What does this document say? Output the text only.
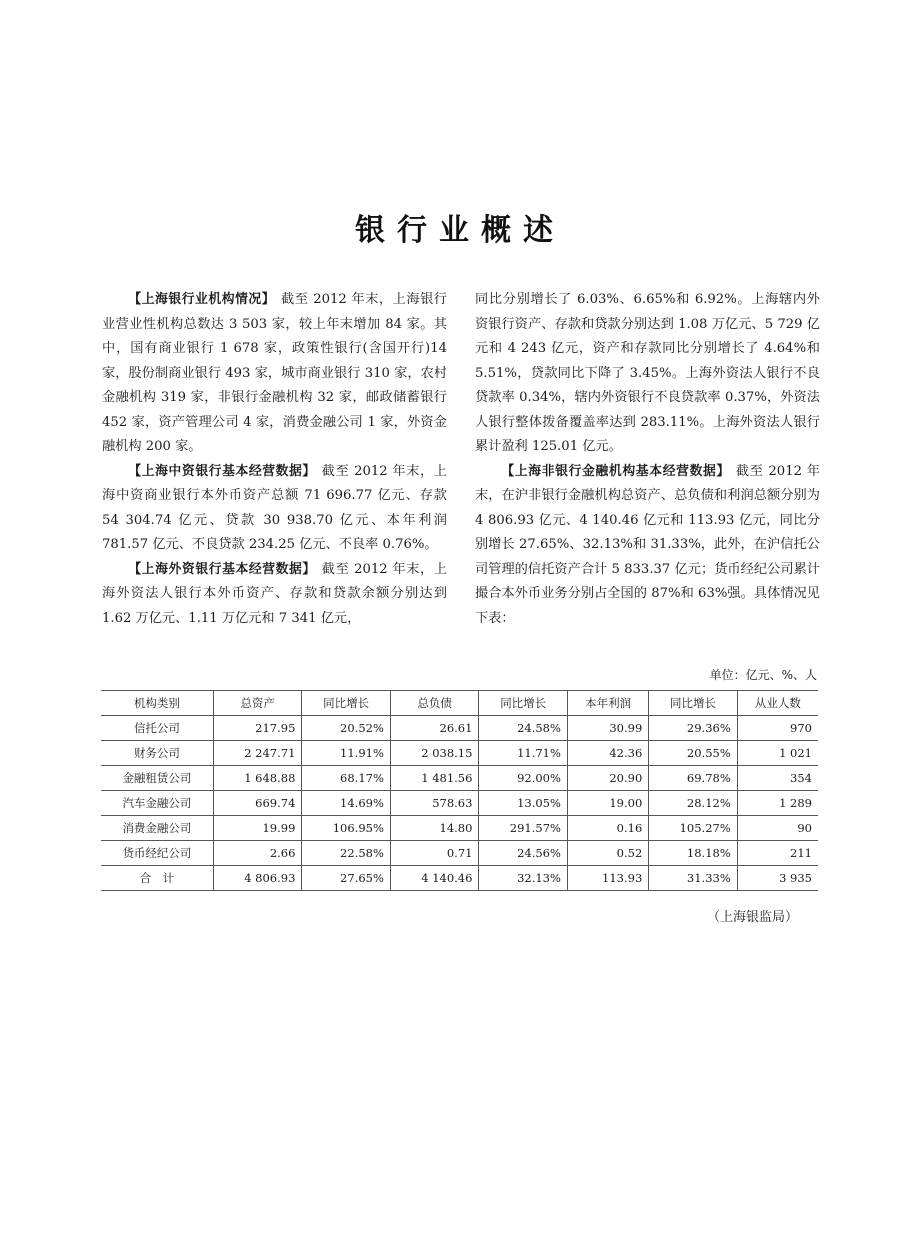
银行业概述

【上海银行业机构情况】 截至 2012 年末，上海银行业营业性机构总数达 3 503 家，较上年末增加 84 家。其中，国有商业银行 1 678 家，政策性银行(含国开行)14 家，股份制商业银行 493 家，城市商业银行 310 家，农村金融机构 319 家，非银行金融机构 32 家，邮政储蓄银行 452 家，资产管理公司 4 家，消费金融公司 1 家，外资金融机构 200 家。

【上海中资银行基本经营数据】 截至 2012 年末，上海中资商业银行本外币资产总额 71 696.77 亿元、存款 54 304.74 亿元、贷款 30 938.70 亿元、本年利润 781.57 亿元、不良贷款 234.25 亿元、不良率 0.76%。

【上海外资银行基本经营数据】 截至 2012 年末，上海外资法人银行本外币资产、存款和贷款余额分别达到 1.62 万亿元、1.11 万亿元和 7 341 亿元，

同比分别增长了 6.03%、6.65%和 6.92%。上海辖内外资银行资产、存款和贷款分别达到 1.08 万亿元、5 729 亿元和 4 243 亿元，资产和存款同比分别增长了 4.64%和 5.51%，贷款同比下降了 3.45%。上海外资法人银行不良贷款率 0.34%，辖内外资银行不良贷款率 0.37%，外资法人银行整体拨备覆盖率达到 283.11%。上海外资法人银行累计盈利 125.01 亿元。

【上海非银行金融机构基本经营数据】 截至 2012 年末，在沪非银行金融机构总资产、总负债和利润总额分别为 4 806.93 亿元、4 140.46 亿元和 113.93 亿元，同比分别增长 27.65%、32.13%和 31.33%，此外，在沪信托公司管理的信托资产合计 5 833.37 亿元；货币经纪公司累计撮合本外币业务分别占全国的 87%和 63%强。具体情况见下表：

单位：亿元、%、人
机构类别	总资产	同比增长	总负债	同比增长	本年利润	同比增长	从业人数
信托公司	217.95	20.52%	26.61	24.58%	30.99	29.36%	970
财务公司	2 247.71	11.91%	2 038.15	11.71%	42.36	20.55%	1 021
金融租赁公司	1 648.88	68.17%	1 481.56	92.00%	20.90	69.78%	354
汽车金融公司	669.74	14.69%	578.63	13.05%	19.00	28.12%	1 289
消费金融公司	19.99	106.95%	14.80	291.57%	0.16	105.27%	90
货币经纪公司	2.66	22.58%	0.71	24.56%	0.52	18.18%	211
合　计	4 806.93	27.65%	4 140.46	32.13%	113.93	31.33%	3 935
（上海银监局）
